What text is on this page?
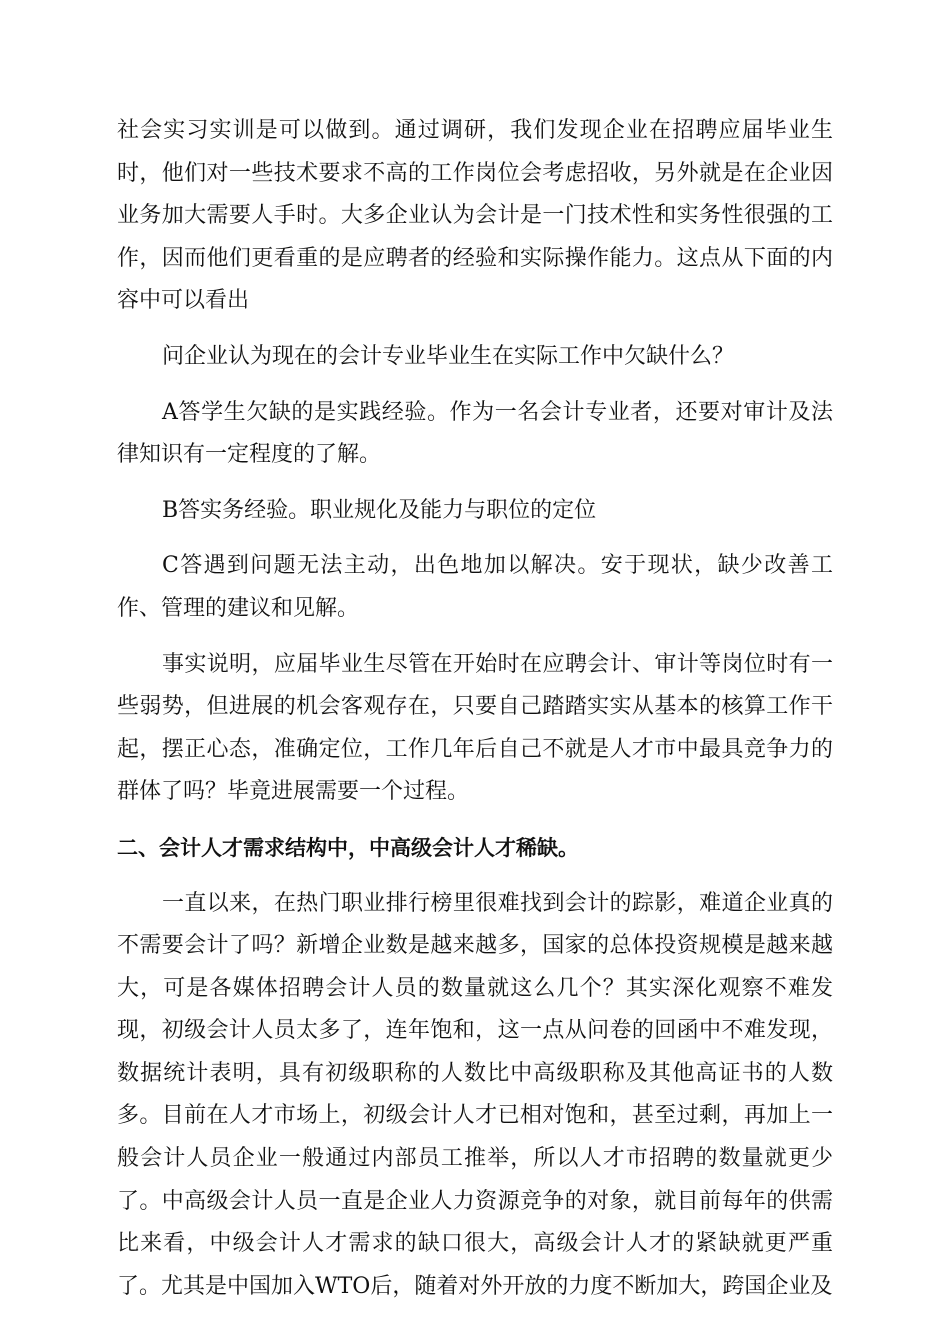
社会实习实训是可以做到。通过调研，我们发现企业在招聘应届毕业生时，他们对一些技术要求不高的工作岗位会考虑招收，另外就是在企业因业务加大需要人手时。大多企业认为会计是一门技术性和实务性很强的工作，因而他们更看重的是应聘者的经验和实际操作能力。这点从下面的内容中可以看出

问企业认为现在的会计专业毕业生在实际工作中欠缺什么？

A答学生欠缺的是实践经验。作为一名会计专业者，还要对审计及法律知识有一定程度的了解。

B答实务经验。职业规化及能力与职位的定位

C答遇到问题无法主动，出色地加以解决。安于现状，缺少改善工作、管理的建议和见解。

事实说明，应届毕业生尽管在开始时在应聘会计、审计等岗位时有一些弱势，但进展的机会客观存在，只要自己踏踏实实从基本的核算工作干起，摆正心态，准确定位，工作几年后自己不就是人才市中最具竞争力的群体了吗？毕竟进展需要一个过程。

二、会计人才需求结构中，中高级会计人才稀缺。

一直以来，在热门职业排行榜里很难找到会计的踪影，难道企业真的不需要会计了吗？新增企业数是越来越多，国家的总体投资规模是越来越大，可是各媒体招聘会计人员的数量就这么几个？其实深化观察不难发现，初级会计人员太多了，连年饱和，这一点从问卷的回函中不难发现，数据统计表明，具有初级职称的人数比中高级职称及其他高证书的人数多。目前在人才市场上，初级会计人才已相对饱和，甚至过剩，再加上一般会计人员企业一般通过内部员工推举，所以人才市招聘的数量就更少了。中高级会计人员一直是企业人力资源竞争的对象，就目前每年的供需比来看，中级会计人才需求的缺口很大，高级会计人才的紧缺就更严重了。尤其是中国加入WTO后，随着对外开放的力度不断加大，跨国企业及
